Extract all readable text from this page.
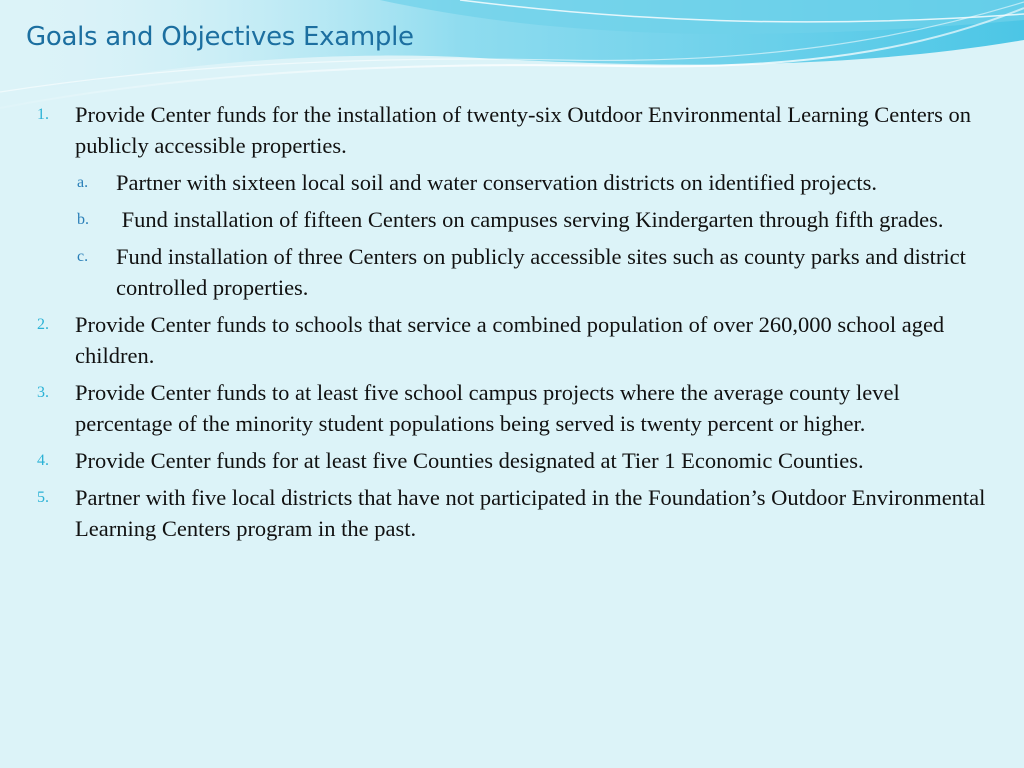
Goals and Objectives Example
1. Provide Center funds for the installation of twenty-six Outdoor Environmental Learning Centers on publicly accessible properties.
a. Partner with sixteen local soil and water conservation districts on identified projects.
b. Fund installation of fifteen Centers on campuses serving Kindergarten through fifth grades.
c. Fund installation of three Centers on publicly accessible sites such as county parks and district controlled properties.
2. Provide Center funds to schools that service a combined population of over 260,000 school aged children.
3. Provide Center funds to at least five school campus projects where the average county level percentage of the minority student populations being served is twenty percent or higher.
4. Provide Center funds for at least five Counties designated at Tier 1 Economic Counties.
5. Partner with five local districts that have not participated in the Foundation’s Outdoor Environmental Learning Centers program in the past.
